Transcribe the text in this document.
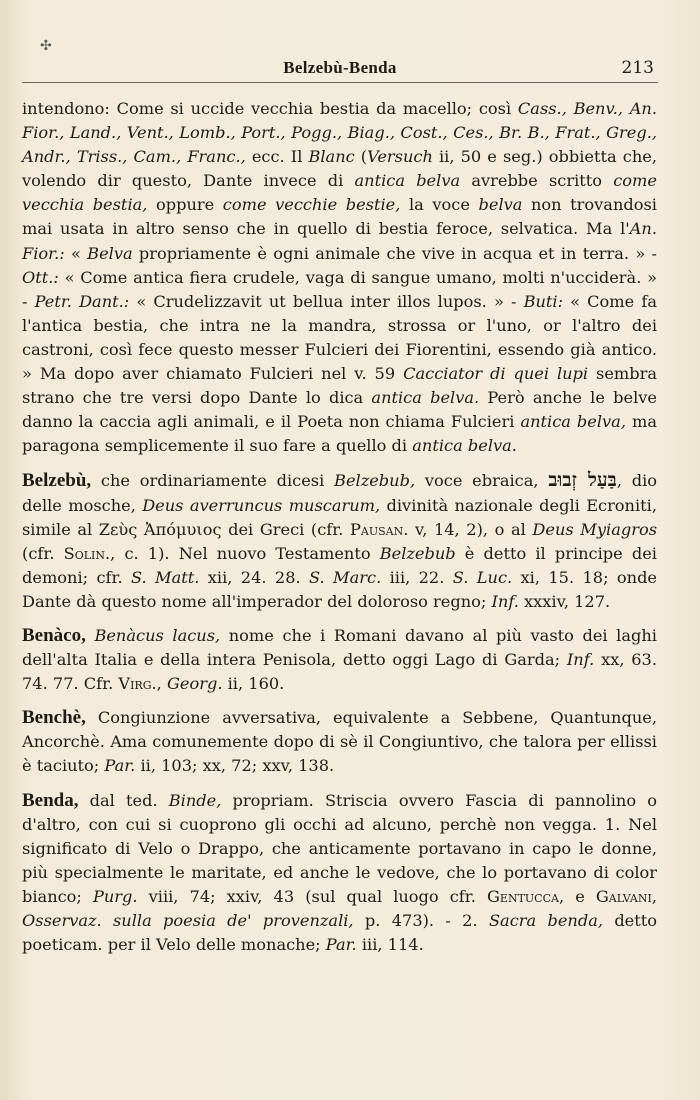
✣
Belzebù-Benda	213

intendono: Come si uccide vecchia bestia da macello; così Cass., Benv., An. Fior., Land., Vent., Lomb., Port., Pogg., Biag., Cost., Ces., Br. B., Frat., Greg., Andr., Triss., Cam., Franc., ecc. Il Blanc (Versuch ii, 50 e seg.) obbietta che, volendo dir questo, Dante invece di antica belva avrebbe scritto come vecchia bestia, oppure come vecchie bestie, la voce belva non trovandosi mai usata in altro senso che in quello di bestia feroce, selvatica. Ma l'An. Fior.: « Belva propriamente è ogni animale che vive in acqua et in terra. » - Ott.: « Come antica fiera crudele, vaga di sangue umano, molti n'ucciderà. » - Petr. Dant.: « Crudelizzavit ut bellua inter illos lupos. » - Buti: « Come fa l'antica bestia, che intra ne la mandra, strossa or l'uno, or l'altro dei castroni, così fece questo messer Fulcieri dei Fiorentini, essendo già antico. » Ma dopo aver chiamato Fulcieri nel v. 59 Cacciator di quei lupi sembra strano che tre versi dopo Dante lo dica antica belva. Però anche le belve danno la caccia agli animali, e il Poeta non chiama Fulcieri antica belva, ma paragona semplicemente il suo fare a quello di antica belva.

Belzebù, che ordinariamente dicesi Belzebub, voce ebraica, בַּעַל זְבוּב, dio delle mosche, Deus averruncus muscarum, divinità nazionale degli Ecroniti, simile al Ζεὺς Ἀπόμυιος dei Greci (cfr. Pausan. v, 14, 2), o al Deus Myiagros (cfr. Solin., c. 1). Nel nuovo Testamento Belzebub è detto il principe dei demoni; cfr. S. Matt. xii, 24. 28. S. Marc. iii, 22. S. Luc. xi, 15. 18; onde Dante dà questo nome all'imperador del doloroso regno; Inf. xxxiv, 127.

Benàco, Benàcus lacus, nome che i Romani davano al più vasto dei laghi dell'alta Italia e della intera Penisola, detto oggi Lago di Garda; Inf. xx, 63. 74. 77. Cfr. Virg., Georg. ii, 160.

Benchè, Congiunzione avversativa, equivalente a Sebbene, Quantunque, Ancorchè. Ama comunemente dopo di sè il Congiuntivo, che talora per ellissi è taciuto; Par. ii, 103; xx, 72; xxv, 138.

Benda, dal ted. Binde, propriam. Striscia ovvero Fascia di pannolino o d'altro, con cui si cuoprono gli occhi ad alcuno, perchè non vegga. 1. Nel significato di Velo o Drappo, che anticamente portavano in capo le donne, più specialmente le maritate, ed anche le vedove, che lo portavano di color bianco; Purg. viii, 74; xxiv, 43 (sul qual luogo cfr. Gentucca, e Galvani, Osservaz. sulla poesia de' provenzali, p. 473). - 2. Sacra benda, detto poeticam. per il Velo delle monache; Par. iii, 114.
